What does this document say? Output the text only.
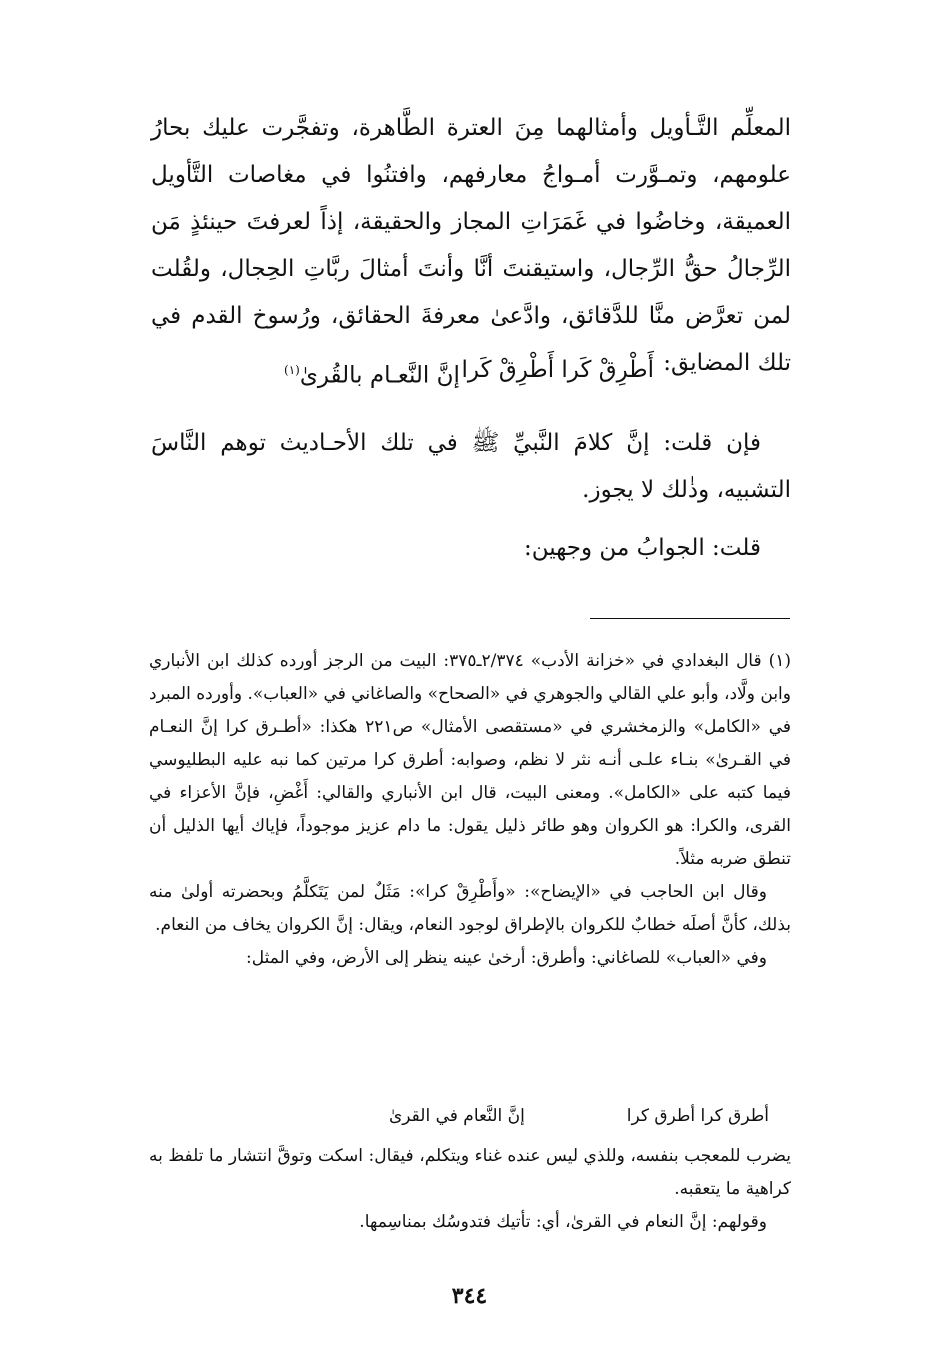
المعلِّم التَّـأويل وأمثالهما مِنَ العترة الطَّاهرة، وتفجَّرت عليك بحارُ علومهم، وتمـوَّرت أمـواجُ معارفهم، وافتنُوا في مغاصات التَّأويل العميقة، وخاضُوا في غَمَرَاتِ المجاز والحقيقة، إذاً لعرفتَ حينئذٍ مَن الرِّجالُ حقُّ الرِّجال، واستيقنتَ أنَّا وأنتَ أمثالَ ربَّاتِ الحِجال، ولقُلت لمن تعرَّض منَّا للدَّقائق، وادَّعىٰ معرفةَ الحقائق، ورُسوخ القدم في تلك المضايق:

أَطْرِقْ كَرا أَطْرِقْ كَرا
إنَّ النَّعـام بالقُرىٰ$^{(١)}$

فإن قلت: إنَّ كلامَ النَّبيِّ ﷺ في تلك الأحـاديث توهم النَّاسَ التشبيه، وذٰلك لا يجوز.

قلت: الجوابُ من وجهين:

(١) قال البغدادي في «خزانة الأدب» ٢/٣٧٤ـ٣٧٥: البيت من الرجز أورده كذلك ابن الأنباري وابن ولَّاد، وأبو علي القالي والجوهري في «الصحاح» والصاغاني في «العباب». وأورده المبرد في «الكامل» والزمخشري في «مستقصى الأمثال» ص٢٢١ هكذا: «أطـرق كرا إنَّ النعـام في القـرىٰ» بنـاء علـى أنـه نثر لا نظم، وصوابه: أطرق كرا مرتين كما نبه عليه البطليوسي فيما كتبه على «الكامل». ومعنى البيت، قال ابن الأنباري والقالي: أَغْضِ، فإنَّ الأعزاء في القرى، والكرا: هو الكروان وهو طائر ذليل يقول: ما دام عزيز موجوداً، فإياك أيها الذليل أن تنطق ضربه مثلاً.

وقال ابن الحاجب في «الإيضاح»: «وأَطْرِقْ كرا»: مَثَلٌ لمن يَتَكلَّمُ وبحضرته أولىٰ منه بذلك، كأنَّ أصلَه خطابٌ للكروان بالإطراق لوجود النعام، ويقال: إنَّ الكروان يخاف من النعام.

وفي «العباب» للصاغاني: وأطرق: أرخىٰ عينه ينظر إلى الأرض، وفي المثل:

أطرق كرا أطرق كرا
إنَّ النَّعام في القرىٰ

يضرب للمعجب بنفسه، وللذي ليس عنده غناء ويتكلم، فيقال: اسكت وتوقَّ انتشار ما تلفظ به كراهية ما يتعقبه.

وقولهم: إنَّ النعام في القرىٰ، أي: تأتيك فتدوسُك بمناسِمها.

٣٤٤
